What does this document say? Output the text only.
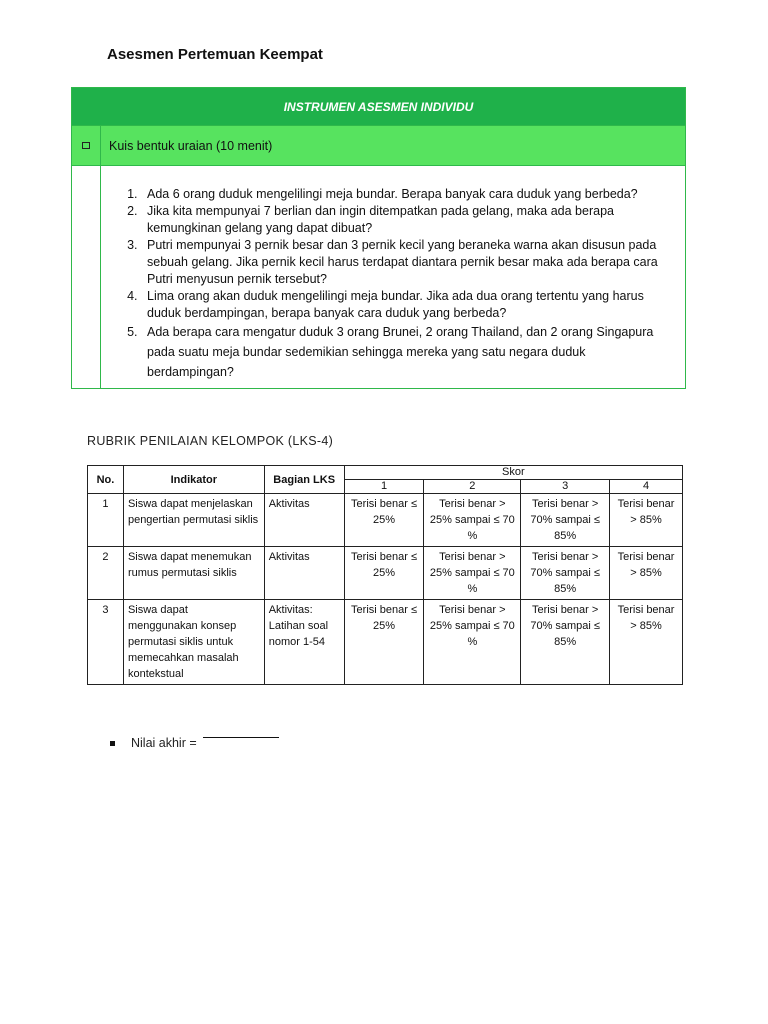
Asesmen Pertemuan Keempat
INSTRUMEN ASESMEN INDIVIDU
Kuis bentuk uraian (10 menit)
1. Ada 6 orang duduk mengelilingi meja bundar. Berapa banyak cara duduk yang berbeda?
2. Jika kita mempunyai 7 berlian dan ingin ditempatkan pada gelang, maka ada berapa kemungkinan gelang yang dapat dibuat?
3. Putri mempunyai 3 pernik besar dan 3 pernik kecil yang beraneka warna akan disusun pada sebuah gelang. Jika pernik kecil harus terdapat diantara pernik besar maka ada berapa cara Putri menyusun pernik tersebut?
4. Lima orang akan duduk mengelilingi meja bundar. Jika ada dua orang tertentu yang harus duduk berdampingan, berapa banyak cara duduk yang berbeda?
5. Ada berapa cara mengatur duduk 3 orang Brunei, 2 orang Thailand, dan 2 orang Singapura pada suatu meja bundar sedemikian sehingga mereka yang satu negara duduk berdampingan?
RUBRIK PENILAIAN KELOMPOK (LKS-4)
No.	Indikator	Bagian LKS	Skor			
			1	2	3	4
1	Siswa dapat menjelaskan pengertian permutasi siklis	Aktivitas	Terisi benar ≤ 25%	Terisi benar > 25% sampai ≤ 70 %	Terisi benar > 70% sampai ≤ 85%	Terisi benar > 85%
2	Siswa dapat menemukan rumus permutasi siklis	Aktivitas	Terisi benar ≤ 25%	Terisi benar > 25% sampai ≤ 70 %	Terisi benar > 70% sampai ≤ 85%	Terisi benar > 85%
3	Siswa dapat menggunakan konsep permutasi siklis untuk memecahkan masalah kontekstual	Aktivitas: Latihan soal nomor 1-54	Terisi benar ≤ 25%	Terisi benar > 25% sampai ≤ 70 %	Terisi benar > 70% sampai ≤ 85%	Terisi benar > 85%
Nilai akhir =
